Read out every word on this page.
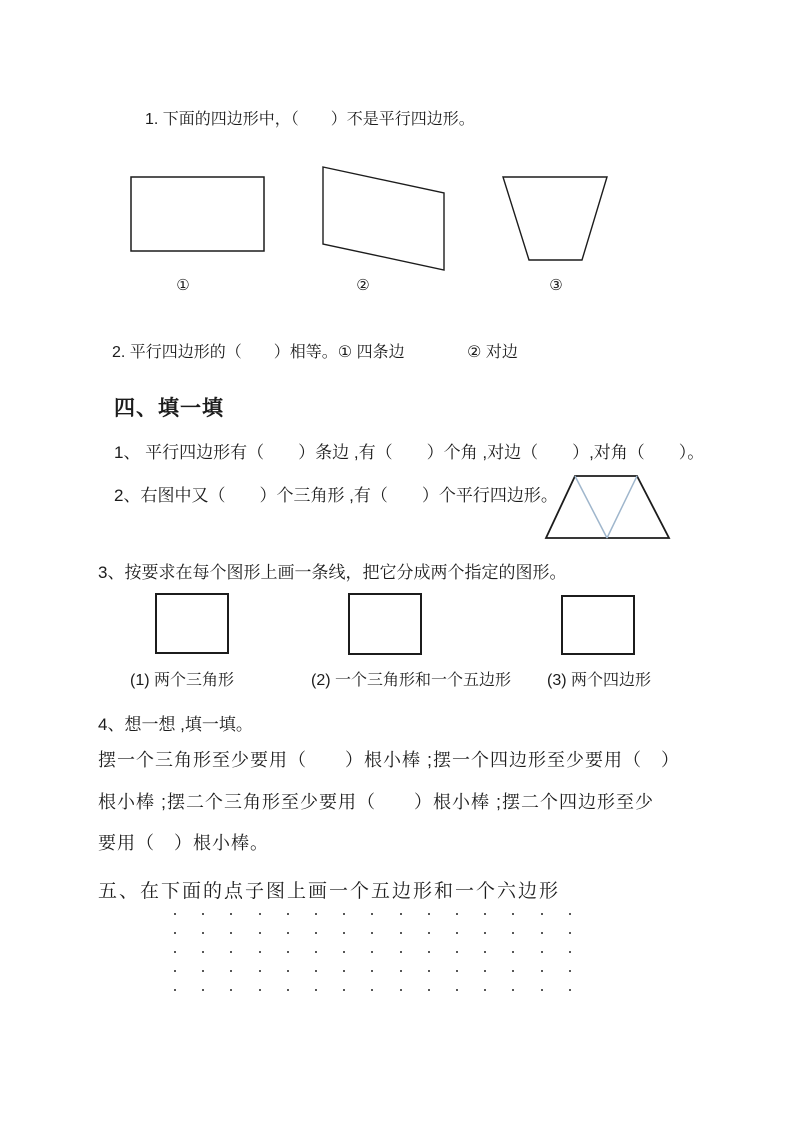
1. 下面的四边形中，（　　）不是平行四边形。
①	②	③
2. 平行四边形的（　　）相等。① 四条边	② 对边
四、填一填
1、 平行四边形有（　　）条边 ,有（　　）个角 ,对边（　　）,对角（　　）。
2、右图中又（　　）个三角形 ,有（　　）个平行四边形。
3、按要求在每个图形上画一条线，把它分成两个指定的图形。
(1) 两个三角形	(2) 一个三角形和一个五边形 (3) 两个四边形
4、想一想 ,填一填。
摆一个三角形至少要用（　　）根小棒 ;摆一个四边形至少要用（　）
根小棒 ;摆二个三角形至少要用（　　）根小棒 ;摆二个四边形至少
要用（　）根小棒。
五、在下面的点子图上画一个五边形和一个六边形
